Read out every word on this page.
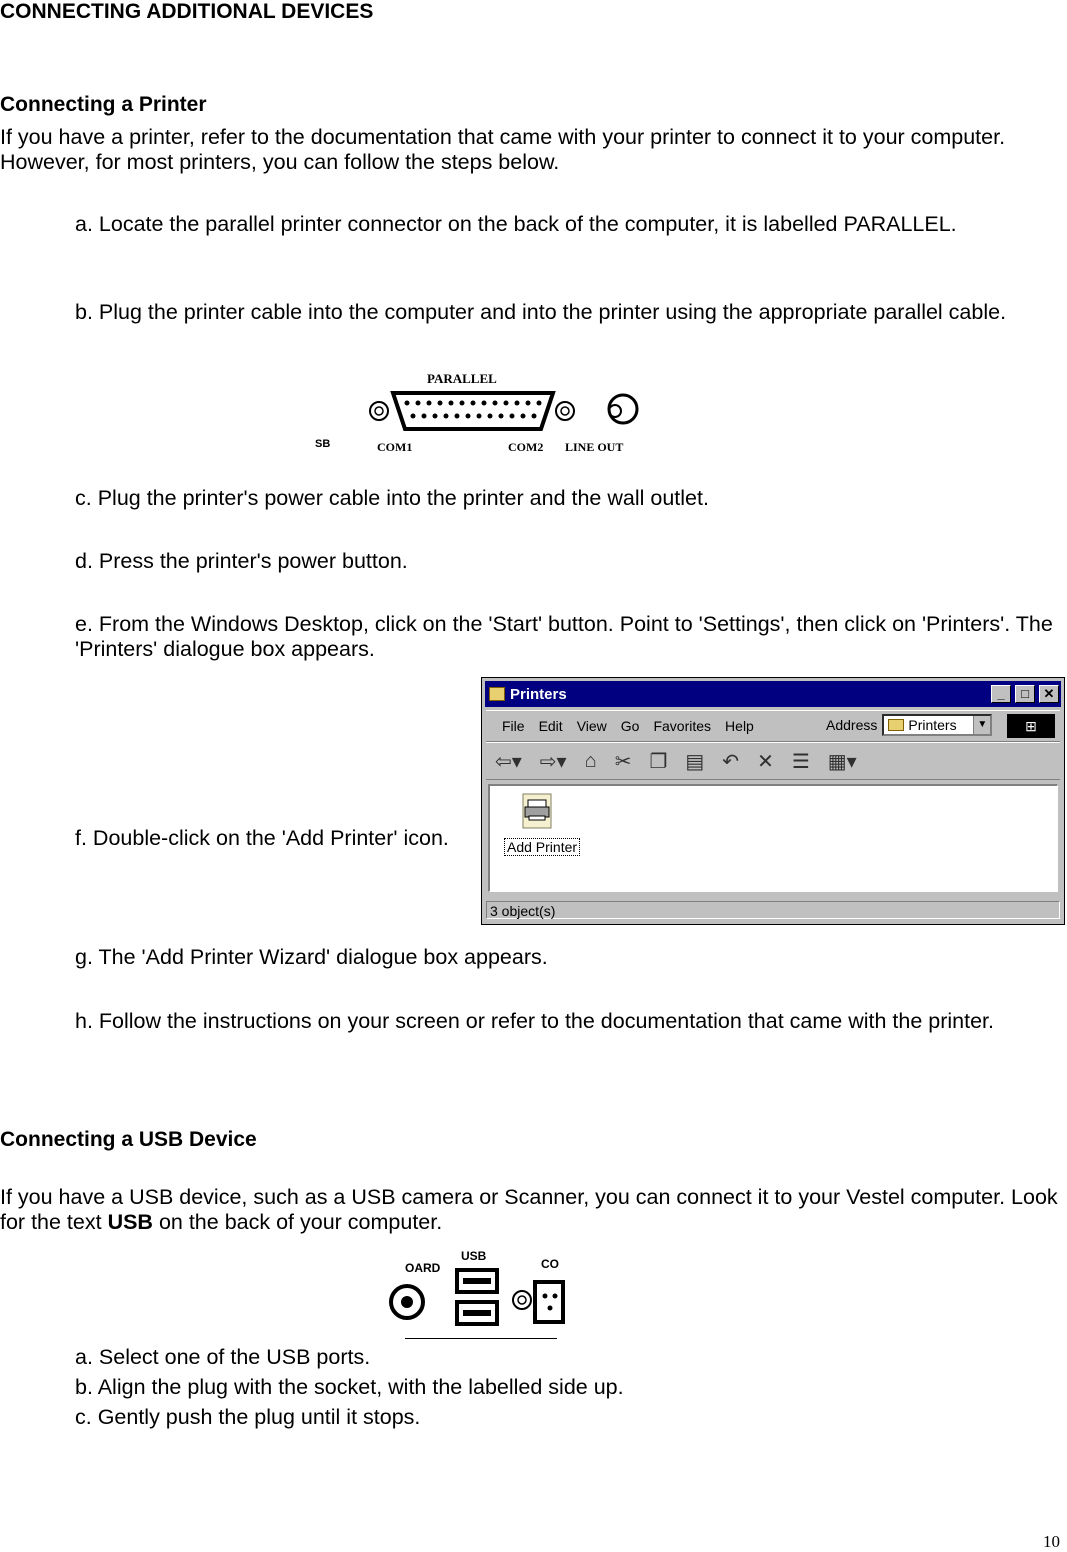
CONNECTING ADDITIONAL DEVICES
Connecting a Printer
If you have a printer, refer to the documentation that came with your printer to connect it to your computer. However, for most printers, you can follow the steps below.
a. Locate the parallel printer connector on the back of the computer, it is labelled PARALLEL.
b. Plug the printer cable into the computer and into the printer using the appropriate parallel cable.
PARALLEL
SB	COM1	COM2 LINE OUT
c. Plug the printer's power cable into the printer and the wall outlet.
d. Press the printer's power button.
e. From the Windows Desktop, click on the 'Start' button. Point to 'Settings', then click on 'Printers'. The 'Printers' dialogue box appears.
f. Double-click on the 'Add Printer' icon.
Printers	_	□	✕
File Edit View Go Favorites Help	Address Printers	▼	⊞
⇦▾ ⇨▾ ⌂ ✂ ❐ ▤ ↶ ✕ ☰ ▦▾
Add Printer
3 object(s)
g. The 'Add Printer Wizard' dialogue box appears.
h. Follow the instructions on your screen or refer to the documentation that came with the printer.
Connecting a USB Device
If you have a USB device, such as a USB camera or Scanner, you can connect it to your Vestel computer. Look for the text USB on the back of your computer.
OARD
USB
CO
a. Select one of the USB ports.
b. Align the plug with the socket, with the labelled side up.
c. Gently push the plug until it stops.
10
